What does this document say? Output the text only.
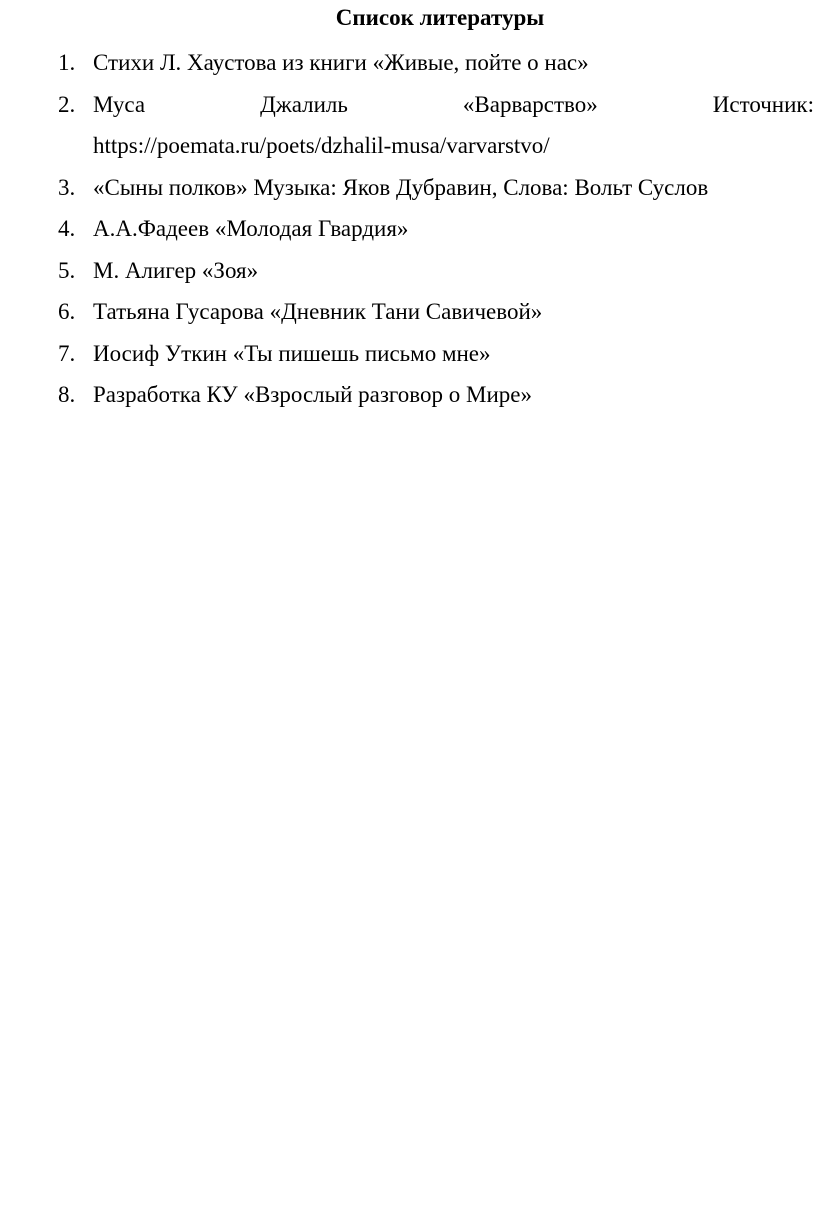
Список литературы
1. Стихи Л. Хаустова из книги «Живые, пойте о нас»
2. Муса	Джалиль	«Варварство»	Источник:
https://poemata.ru/poets/dzhalil-musa/varvarstvo/
3. «Сыны полков» Музыка: Яков Дубравин, Слова: Вольт Суслов
4. А.А.Фадеев «Молодая Гвардия»
5. М. Алигер «Зоя»
6. Татьяна Гусарова «Дневник Тани Савичевой»
7. Иосиф Уткин «Ты пишешь письмо мне»
8. Разработка КУ «Взрослый разговор о Мире»
